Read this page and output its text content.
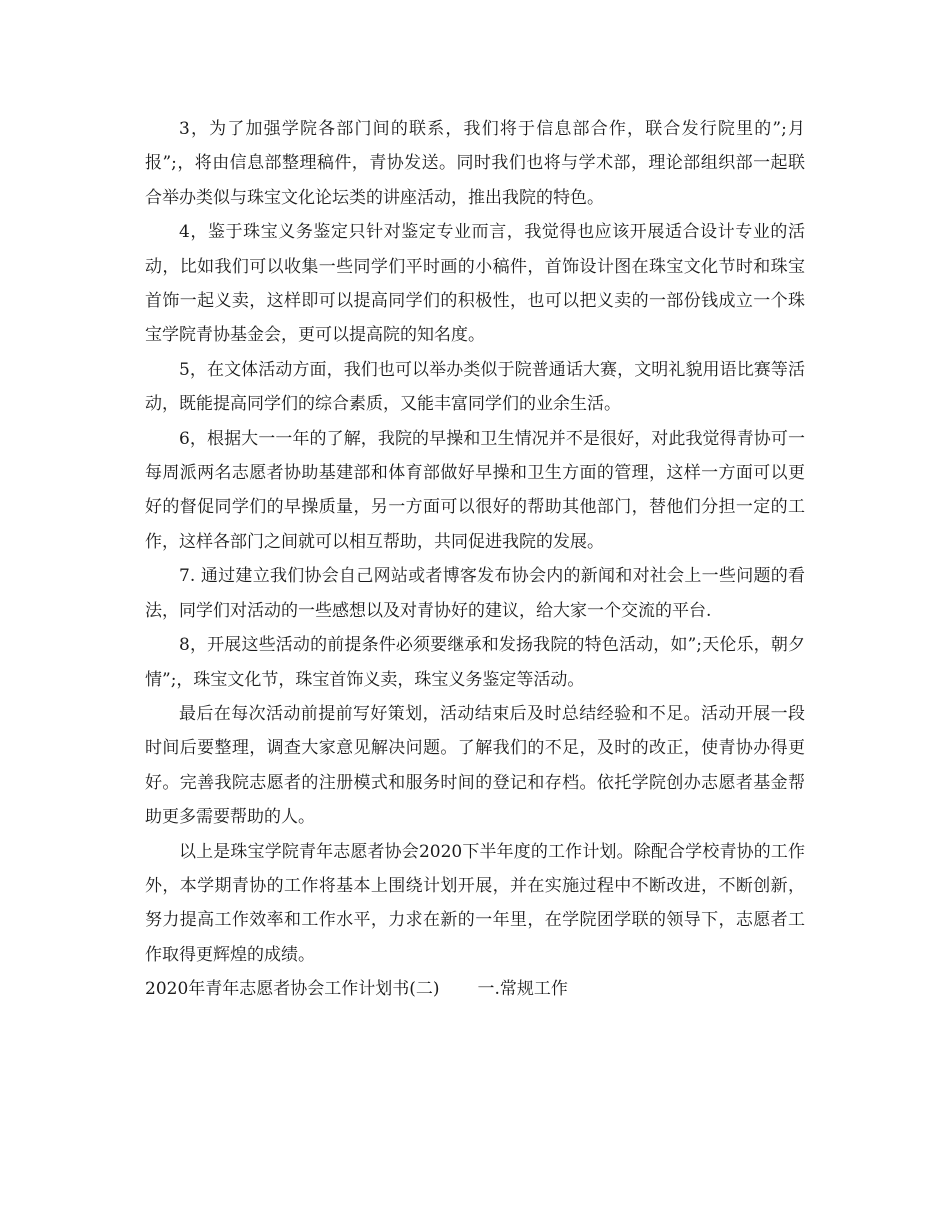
3，为了加强学院各部门间的联系，我们将于信息部合作，联合发行院里的”;月报”;，将由信息部整理稿件，青协发送。同时我们也将与学术部，理论部组织部一起联合举办类似与珠宝文化论坛类的讲座活动，推出我院的特色。

4，鉴于珠宝义务鉴定只针对鉴定专业而言，我觉得也应该开展适合设计专业的活动，比如我们可以收集一些同学们平时画的小稿件，首饰设计图在珠宝文化节时和珠宝首饰一起义卖，这样即可以提高同学们的积极性，也可以把义卖的一部份钱成立一个珠宝学院青协基金会，更可以提高院的知名度。

5，在文体活动方面，我们也可以举办类似于院普通话大赛，文明礼貌用语比赛等活动，既能提高同学们的综合素质，又能丰富同学们的业余生活。

6，根据大一一年的了解，我院的早操和卫生情况并不是很好，对此我觉得青协可一每周派两名志愿者协助基建部和体育部做好早操和卫生方面的管理，这样一方面可以更好的督促同学们的早操质量，另一方面可以很好的帮助其他部门，替他们分担一定的工作，这样各部门之间就可以相互帮助，共同促进我院的发展。

7. 通过建立我们协会自己网站或者博客发布协会内的新闻和对社会上一些问题的看法，同学们对活动的一些感想以及对青协好的建议，给大家一个交流的平台.

8，开展这些活动的前提条件必须要继承和发扬我院的特色活动，如”;天伦乐，朝夕情”;，珠宝文化节，珠宝首饰义卖，珠宝义务鉴定等活动。

最后在每次活动前提前写好策划，活动结束后及时总结经验和不足。活动开展一段时间后要整理，调查大家意见解决问题。了解我们的不足，及时的改正，使青协办得更好。完善我院志愿者的注册模式和服务时间的登记和存档。依托学院创办志愿者基金帮助更多需要帮助的人。

以上是珠宝学院青年志愿者协会2020下半年度的工作计划。除配合学校青协的工作外，本学期青协的工作将基本上围绕计划开展，并在实施过程中不断改进，不断创新，努力提高工作效率和工作水平，力求在新的一年里，在学院团学联的领导下，志愿者工作取得更辉煌的成绩。

2020年青年志愿者协会工作计划书(二) 一.常规工作
